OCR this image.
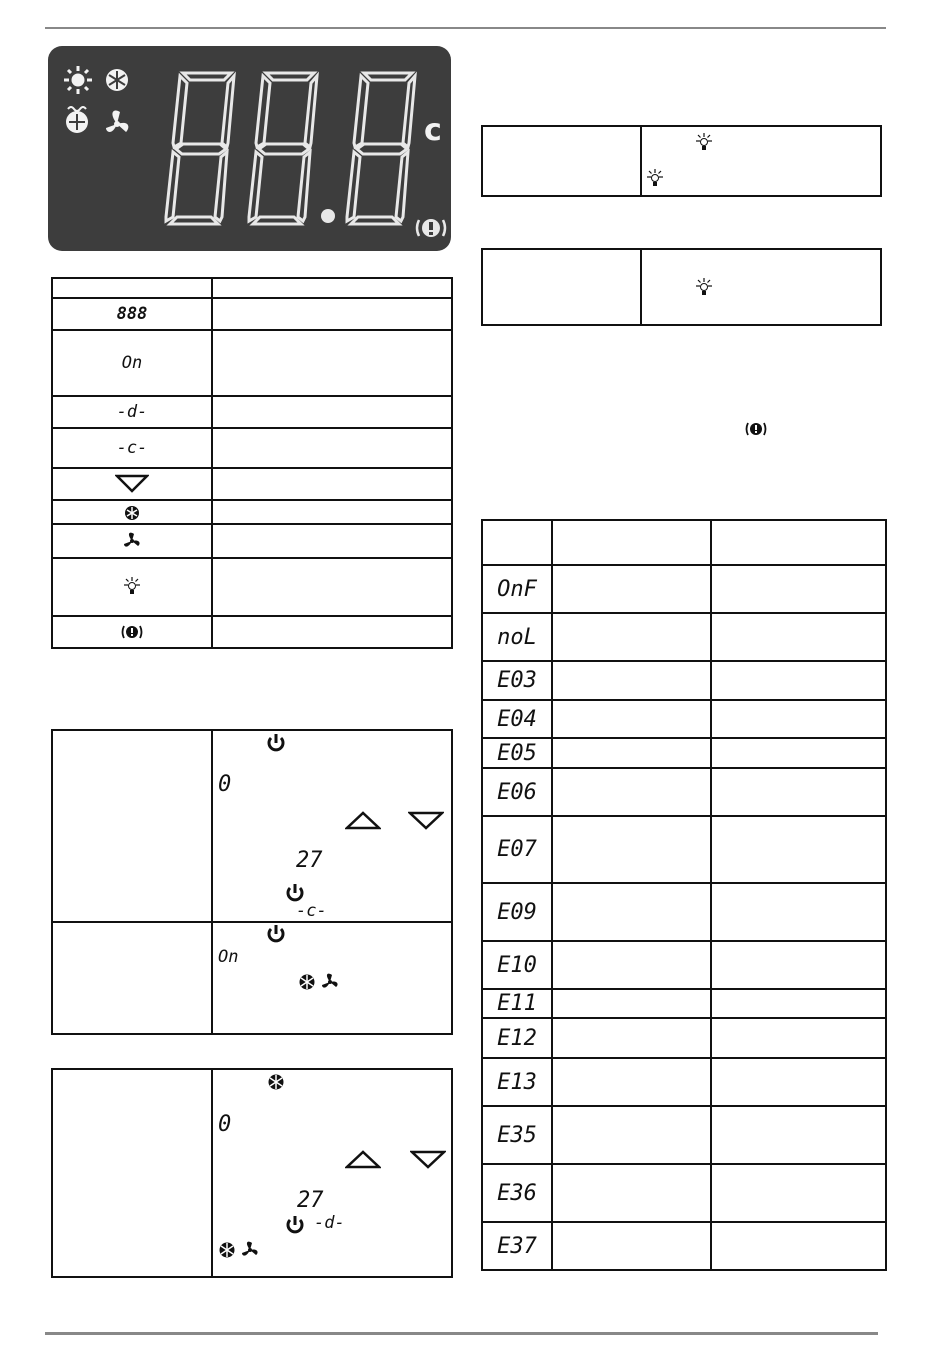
c

888	
On	
-d-	
-c-	

0
27
-c-
On

0
27
-d-

OnF		
noL		
E03		
E04		
E05		
E06		
E07		
E09		
E10		
E11		
E12		
E13		
E35		
E36		
E37		
